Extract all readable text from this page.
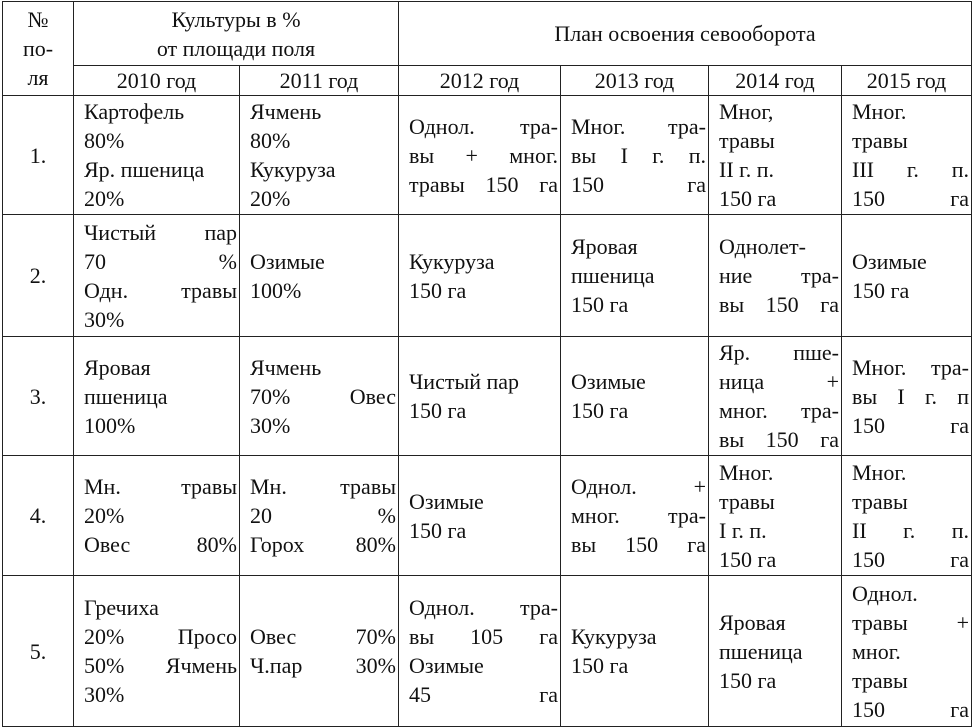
№
по-
ля	Культуры в %
от площади поля		План освоения севооборота			
	2010 год	2011 год	2012 год	2013 год	2014 год	2015 год
1.	Картофель
80%
Яр. пшеница
20%	Ячмень
80%
Кукуруза
20%	Однол. тра-
вы + мног.
травы 150 га	Мног. тра-
вы I г. п.
150 га	Мног,
травы
II г. п.
150 га	Мног.
травы
III г. п.
150 га

2.	Чистый пар
70 %
Одн. травы
30%	Озимые
100%	Кукуруза
150 га	Яровая
пшеница
150 га	Однолет-
ние тра-
вы 150 га	Озимые
150 га

3.	Яровая
пшеница
100%	Ячмень
70% Овес
30%	Чистый пар
150 га	Озимые
150 га	Яр. пше-
ница +
мног. тра-
вы 150 га	Мног. тра-
вы I г. п
150 га

4.	Мн. травы
20%
Овес 80%	Мн. травы
20 %
Горох 80%	Озимые
150 га	Однол. +
мног. тра-
вы 150 га	Мног.
травы
I г. п.
150 га	Мног.
травы
II г. п.
150 га

5.	Гречиха
20% Просо
50% Ячмень
30%	Овес 70%
Ч.пар 30%	Однол. тра-
вы 105 га
Озимые
45 га	Кукуруза
150 га	Яровая
пшеница
150 га	Однол.
травы +
мног.
травы
150 га
